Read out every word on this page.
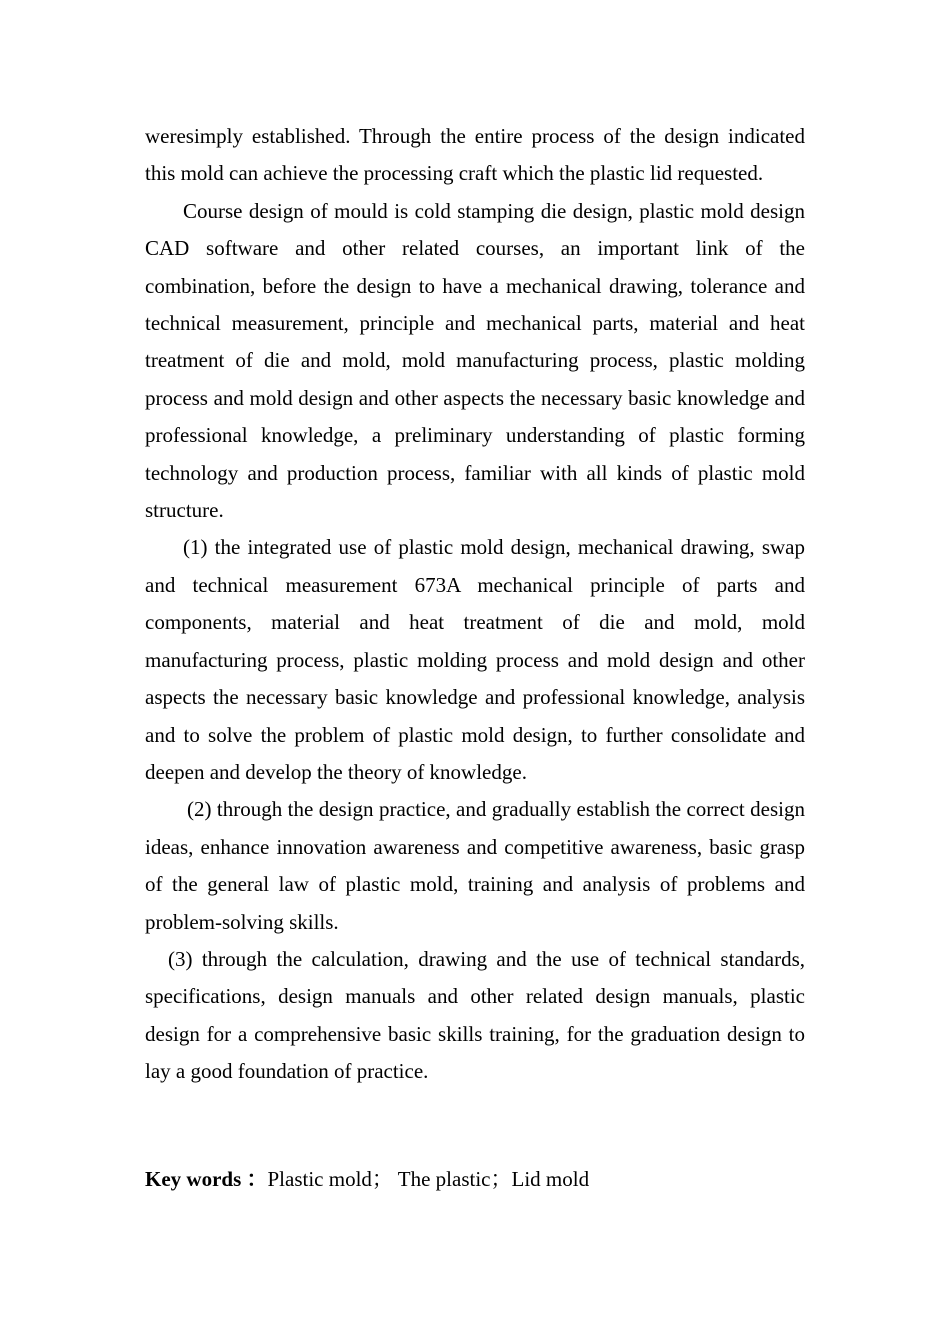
weresimply established. Through the entire process of the design indicated this mold can achieve the processing craft which the plastic lid requested.

Course design of mould is cold stamping die design, plastic mold design CAD software and other related courses, an important link of the combination, before the design to have a mechanical drawing, tolerance and technical measurement, principle and mechanical parts, material and heat treatment of die and mold, mold manufacturing process, plastic molding process and mold design and other aspects the necessary basic knowledge and professional knowledge, a preliminary understanding of plastic forming technology and production process, familiar with all kinds of plastic mold structure.

(1) the integrated use of plastic mold design, mechanical drawing, swap and technical measurement 673A mechanical principle of parts and components, material and heat treatment of die and mold, mold manufacturing process, plastic molding process and mold design and other aspects the necessary basic knowledge and professional knowledge, analysis and to solve the problem of plastic mold design, to further consolidate and deepen and develop the theory of knowledge.

(2) through the design practice, and gradually establish the correct design ideas, enhance innovation awareness and competitive awareness, basic grasp of the general law of plastic mold, training and analysis of problems and problem-solving skills.

(3) through the calculation, drawing and the use of technical standards, specifications, design manuals and other related design manuals, plastic design for a comprehensive basic skills training, for the graduation design to lay a good foundation of practice.

Key words ：Plastic mold； The plastic；Lid mold
